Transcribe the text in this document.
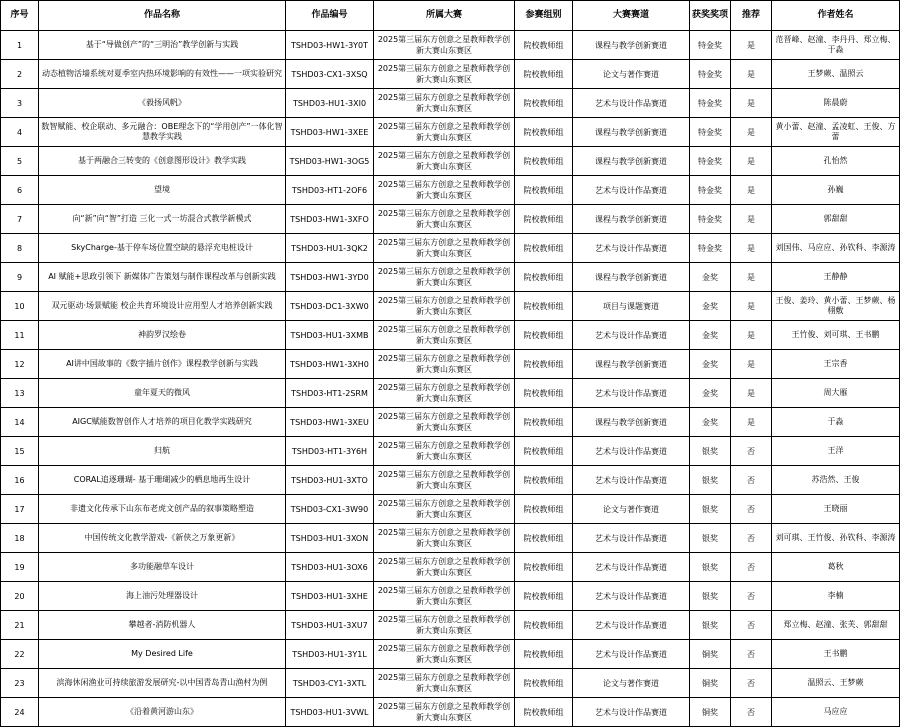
序号	作品名称	作品编号	所属大赛	参赛组别	大赛赛道	获奖奖项	推荐	作者姓名
1	基于“导做创产”的“三明治”教学创新与实践	TSHD03-HW1-3Y0T	2025第三届东方创意之星教师教学创新大赛山东赛区	院校教师组	课程与教学创新赛道	特金奖	是	范晋峰、赵潼、李丹丹、郑立梅、于淼
2	动态植物活墙系统对夏季室内热环境影响的有效性——一项实验研究	TSHD03-CX1-3XSQ	2025第三届东方创意之星教师教学创新大赛山东赛区	院校教师组	论文与著作赛道	特金奖	是	王梦蕨、温照云
3	《毅扬风帆》	TSHD03-HU1-3XI0	2025第三届东方创意之星教师教学创新大赛山东赛区	院校教师组	艺术与设计作品赛道	特金奖	是	陈晨蔚
4	数智赋能、校企联动、多元融合：OBE理念下的“学用创产”一体化智慧教学实践	TSHD03-HW1-3XEE	2025第三届东方创意之星教师教学创新大赛山东赛区	院校教师组	课程与教学创新赛道	特金奖	是	黄小蕾、赵潼、孟凌虹、王俊、方蕾
5	基于两融合三转变的《创意图形设计》教学实践	TSHD03-HW1-3OG5	2025第三届东方创意之星教师教学创新大赛山东赛区	院校教师组	课程与教学创新赛道	特金奖	是	孔怡然
6	望境	TSHD03-HT1-2OF6	2025第三届东方创意之星教师教学创新大赛山东赛区	院校教师组	艺术与设计作品赛道	特金奖	是	孙巍
7	向“新”向“智”打造 三化一式一坊混合式教学新模式	TSHD03-HW1-3XFO	2025第三届东方创意之星教师教学创新大赛山东赛区	院校教师组	课程与教学创新赛道	特金奖	是	郭甜甜
8	SkyCharge-基于停车场位置空缺的悬浮充电桩设计	TSHD03-HU1-3QK2	2025第三届东方创意之星教师教学创新大赛山东赛区	院校教师组	艺术与设计作品赛道	特金奖	是	刘国伟、马应应、孙钦科、李源涛
9	AI 赋能+思政引领下 新媒体广告策划与制作课程改革与创新实践	TSHD03-HW1-3YD0	2025第三届东方创意之星教师教学创新大赛山东赛区	院校教师组	课程与教学创新赛道	金奖	是	王静静
10	双元驱动·场景赋能 校企共育环境设计应用型人才培养创新实践	TSHD03-DC1-3XW0	2025第三届东方创意之星教师教学创新大赛山东赛区	院校教师组	项目与课题赛道	金奖	是	王俊、姜玲、黄小蕾、王梦蕨、杨栩敷
11	神韵罗汉绘卷	TSHD03-HU1-3XMB	2025第三届东方创意之星教师教学创新大赛山东赛区	院校教师组	艺术与设计作品赛道	金奖	是	王竹俊、刘可琪、王书鹏
12	AI讲中国故事的《数字插片创作》课程教学创新与实践	TSHD03-HW1-3XH0	2025第三届东方创意之星教师教学创新大赛山东赛区	院校教师组	课程与教学创新赛道	金奖	是	王宗香
13	童年夏天的微风	TSHD03-HT1-2SRM	2025第三届东方创意之星教师教学创新大赛山东赛区	院校教师组	艺术与设计作品赛道	金奖	是	周大雁
14	AIGC赋能数智创作人才培养的项目化教学实践研究	TSHD03-HW1-3XEU	2025第三届东方创意之星教师教学创新大赛山东赛区	院校教师组	课程与教学创新赛道	金奖	是	于淼
15	归航	TSHD03-HT1-3Y6H	2025第三届东方创意之星教师教学创新大赛山东赛区	院校教师组	艺术与设计作品赛道	银奖	否	王洋
16	CORAL追逐珊瑚- 基于珊瑚减少的栖息地再生设计	TSHD03-HU1-3XTO	2025第三届东方创意之星教师教学创新大赛山东赛区	院校教师组	艺术与设计作品赛道	银奖	否	苏浩然、王俊
17	非遗文化传承下山东布老虎文创产品的叙事策略塑造	TSHD03-CX1-3W90	2025第三届东方创意之星教师教学创新大赛山东赛区	院校教师组	论文与著作赛道	银奖	否	王晓丽
18	中国传统文化教学游戏-《新侠之万象更新》	TSHD03-HU1-3XON	2025第三届东方创意之星教师教学创新大赛山东赛区	院校教师组	艺术与设计作品赛道	银奖	否	刘可琪、王竹俊、孙钦科、李源涛
19	多功能融草车设计	TSHD03-HU1-3OX6	2025第三届东方创意之星教师教学创新大赛山东赛区	院校教师组	艺术与设计作品赛道	银奖	否	葛秋
20	海上油污处理器设计	TSHD03-HU1-3XHE	2025第三届东方创意之星教师教学创新大赛山东赛区	院校教师组	艺术与设计作品赛道	银奖	否	李楠
21	攀越者-消防机器人	TSHD03-HU1-3XU7	2025第三届东方创意之星教师教学创新大赛山东赛区	院校教师组	艺术与设计作品赛道	银奖	否	郑立梅、赵潼、张芙、郭甜甜
22	My Desired Life	TSHD03-HU1-3Y1L	2025第三届东方创意之星教师教学创新大赛山东赛区	院校教师组	艺术与设计作品赛道	铜奖	否	王书鹏
23	滨海休闲渔业可持续旅游发展研究-以中国青岛青山渔村为例	TSHD03-CY1-3XTL	2025第三届东方创意之星教师教学创新大赛山东赛区	院校教师组	论文与著作赛道	铜奖	否	温照云、王梦蕨
24	《沿着黄河游山东》	TSHD03-HU1-3VWL	2025第三届东方创意之星教师教学创新大赛山东赛区	院校教师组	艺术与设计作品赛道	铜奖	否	马应应
